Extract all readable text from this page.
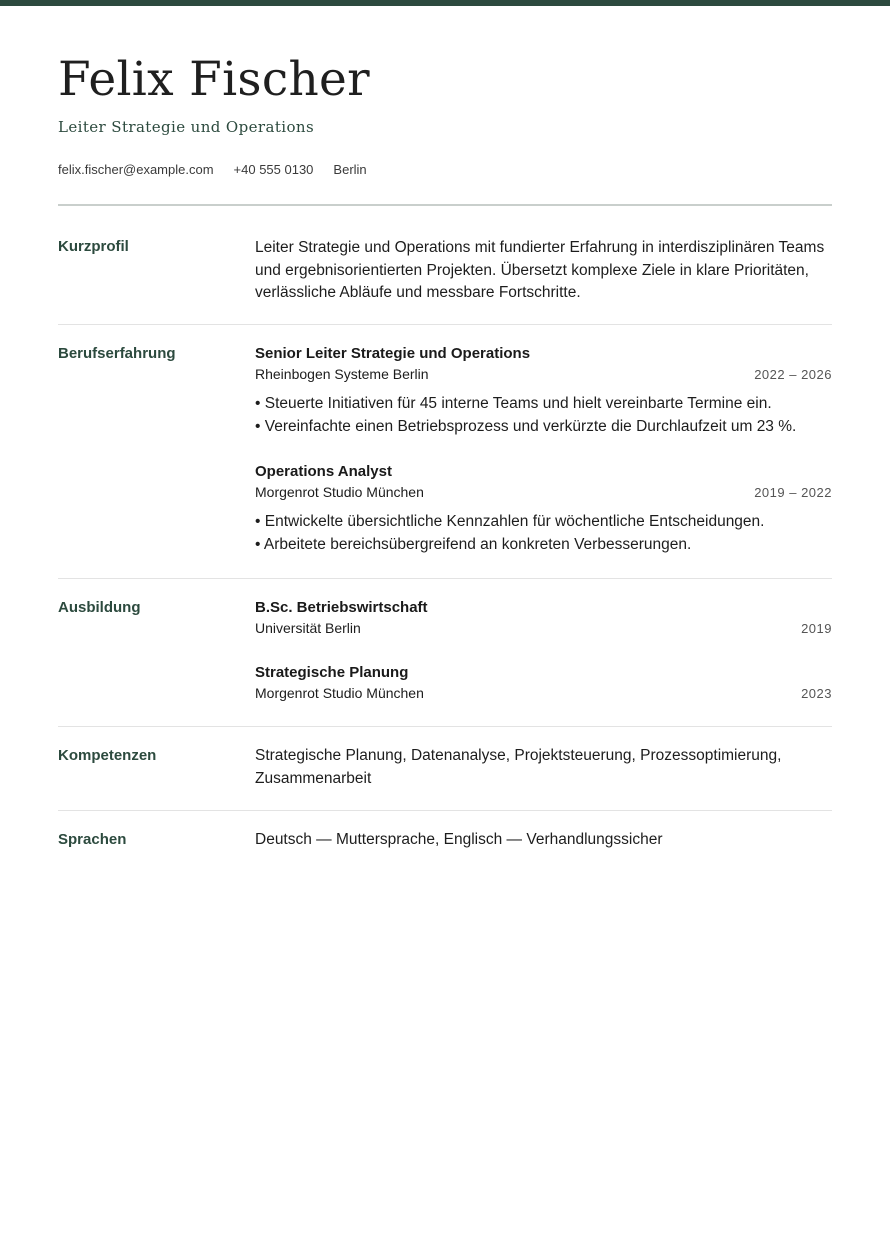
Felix Fischer
Leiter Strategie und Operations
felix.fischer@example.com +40 555 0130 Berlin
Kurzprofil	Leiter Strategie und Operations mit fundierter Erfahrung in interdisziplinären Teams und ergebnisorientierten Projekten. Übersetzt komplexe Ziele in klare Prioritäten, verlässliche Abläufe und messbare Fortschritte.
Berufserfahrung	Senior Leiter Strategie und Operations
Rheinbogen Systeme Berlin	2022 – 2026
• Steuerte Initiativen für 45 interne Teams und hielt vereinbarte Termine ein.
• Vereinfachte einen Betriebsprozess und verkürzte die Durchlaufzeit um 23 %.
Operations Analyst
Morgenrot Studio München	2019 – 2022
• Entwickelte übersichtliche Kennzahlen für wöchentliche Entscheidungen.
• Arbeitete bereichsübergreifend an konkreten Verbesserungen.
Ausbildung	B.Sc. Betriebswirtschaft
Universität Berlin	2019
Strategische Planung
Morgenrot Studio München	2023
Kompetenzen	Strategische Planung, Datenanalyse, Projektsteuerung, Prozessoptimierung, Zusammenarbeit
Sprachen	Deutsch — Muttersprache, Englisch — Verhandlungssicher
